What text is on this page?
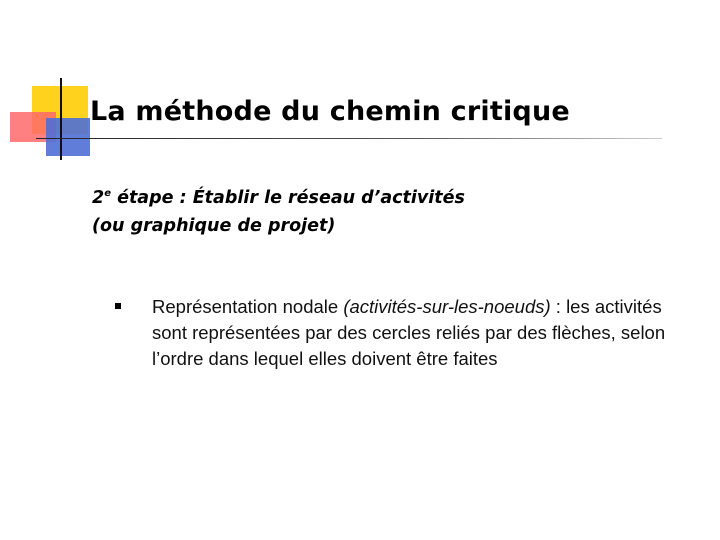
La méthode du chemin critique
2e étape : Établir le réseau d’activités
(ou graphique de projet)
Représentation nodale (activités-sur-les-noeuds) : les activités sont représentées par des cercles reliés par des flèches, selon l’ordre dans lequel elles doivent être faites
